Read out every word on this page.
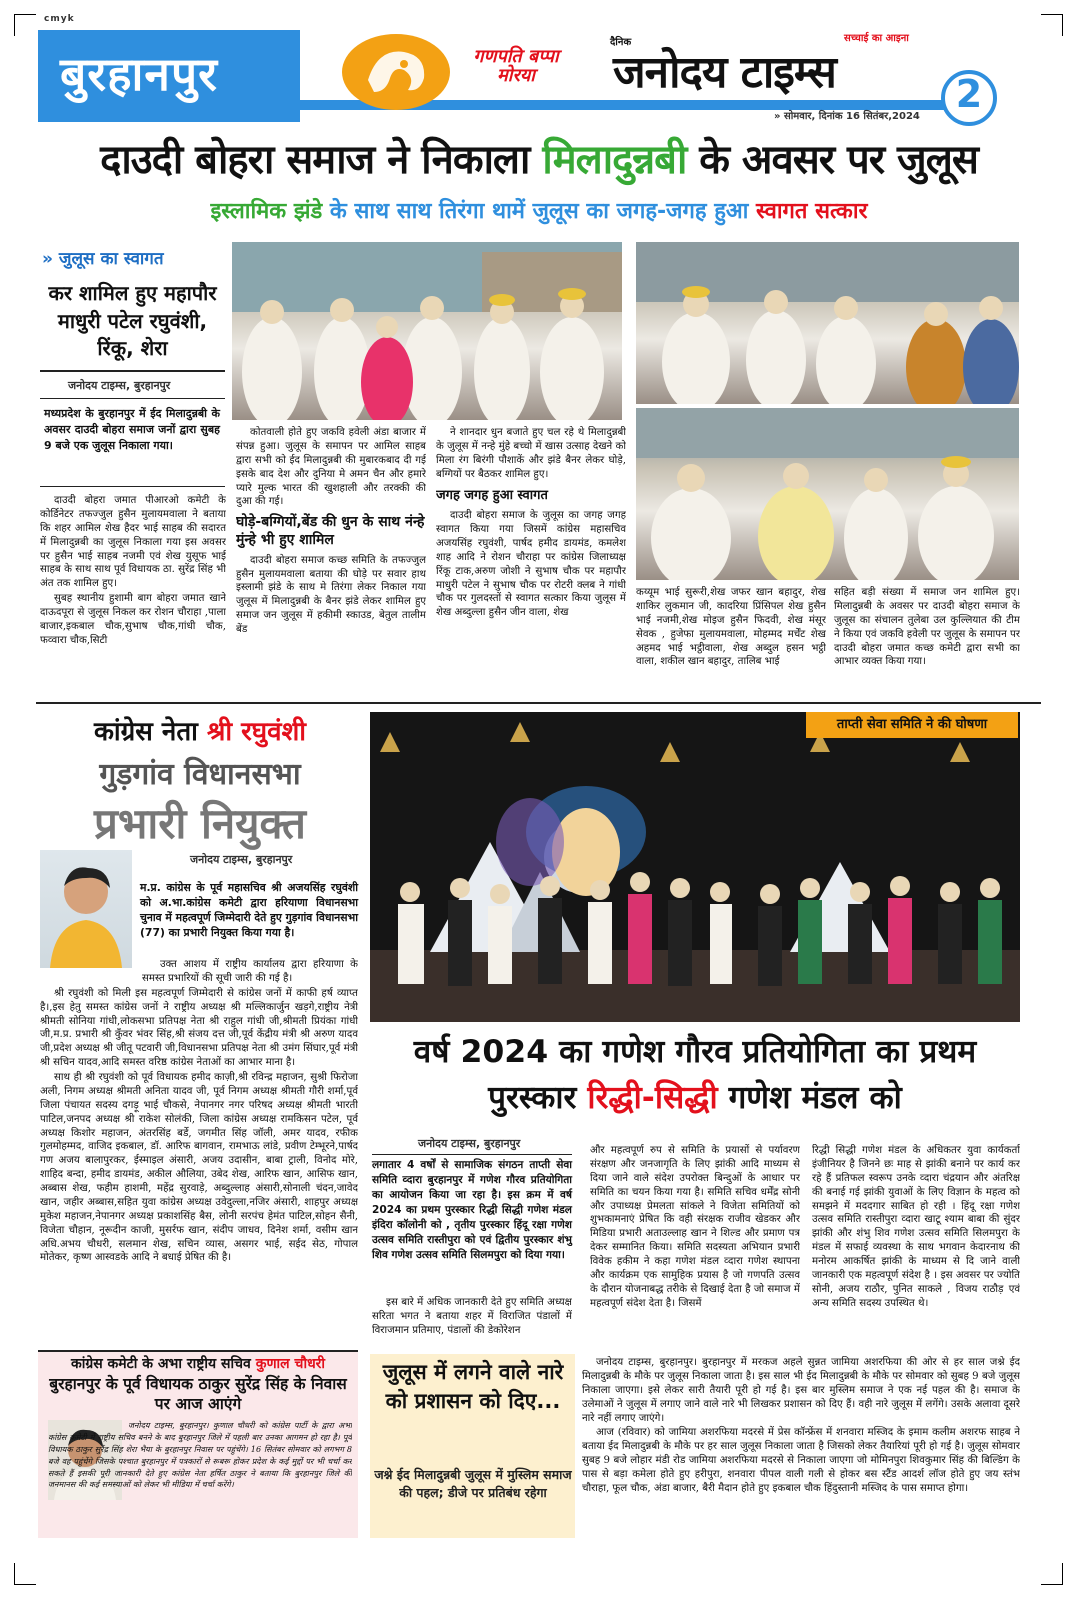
cmyk
बुरहानपुर	गणपति बप्पा मोरया
दैनिक
जनोदय टाइम्स
सच्चाई का आइना
» सोमवार, दिनांक 16 सितंबर,2024
2
दाउदी बोहरा समाज ने निकाला मिलादुन्नबी के अवसर पर जुलूस
इस्लामिक झंडे के साथ साथ तिरंगा थामें जुलूस का जगह-जगह हुआ स्वागत सत्कार
» जुलूस का स्वागत
कर शामिल हुए महापौर माधुरी पटेल रघुवंशी, रिंकू, शेरा
जनोदय टाइम्स, बुरहानपुर
मध्यप्रदेश के बुरहानपुर में ईद मिलादुन्नबी के अवसर दाउदी बोहरा समाज जनों द्वारा सुबह 9 बजे एक जुलूस निकाला गया।

दाउदी बोहरा जमात पीआरओ कमेटी के कोर्डिनेटर तफज्जुल हुसैन मुलायमवाला ने बताया कि शहर आमिल शेख हैदर भाई साहब की सदारत में मिलादुन्नबी का जुलूस निकाला गया इस अवसर पर हुसैन भाई साहब नजमी एवं शेख युसूफ भाई साहब के साथ साथ पूर्व विधायक ठा. सुरेंद्र सिंह भी अंत तक शामिल हुए।

सुबह स्थानीय हुशामी बाग बोहरा जमात खाने दाऊदपूरा से जुलूस निकल कर रोशन चौराहा ,पाला बाजार,इकबाल चौक,सुभाष चौक,गांधी चौक, फव्वारा चौक,सिटी

कोतवाली होते हुए जकवि हवेली अंडा बाजार में संपन्न हुआ। जुलूस के समापन पर आमिल साहब द्वारा सभी को ईद मिलादुन्नबी की मुबारकबाद दी गई इसके बाद देश और दुनिया मे अमन चैन और हमारे प्यारे मुल्क भारत की खुशहाली और तरक्की की दुआ की गई।

घोड़े-बग्गियों,बेंड की धुन के साथ नंन्हे मुंन्हे भी हुए शामिल

दाउदी बोहरा समाज कच्छ समिति के तफज्जुल हुसैन मुलायमवाला बताया की घोड़े पर सवार हाथ इस्लामी झंडे के साथ मे तिरंगा लेकर निकाल गया जुलूस में मिलादुन्नबी के बैनर झंडे लेकर शामिल हुए समाज जन जुलूस में हकीमी स्काउड, बेतुल तालीम बेंड

ने शानदार धुन बजाते हुए चल रहे थे मिलादुन्नबी के जुलूस में नन्हे मुंहे बच्चो में खास उत्साह देखने को मिला रंग बिरंगी पौशाकें और झंडे बैनर लेकर घोड़े, बग्गियों पर बैठकर शामिल हुए।

जगह जगह हुआ स्वागत

दाउदी बोहरा समाज के जुलूस का जगह जगह स्वागत किया गया जिसमें कांग्रेस महासचिव अजयसिंह रघुवंशी, पार्षद हमीद डायमंड, कमलेश शाह आदि ने रोशन चौराहा पर कांग्रेस जिलाध्यक्ष रिंकू टाक,अरुण जोशी ने सुभाष चौक पर महापौर माधुरी पटेल ने सुभाष चौक पर रोटरी क्लब ने गांधी चौक पर गुलदस्तों से स्वागत सत्कार किया जुलूस में शेख अब्दुल्ला हुसैन जीन वाला, शेख

कय्यूम भाई सुरूरी,शेख जफर खान बहादुर, शेख शाकिर लुकमान जी, कादरिया प्रिंसिपल शेख हुसैन भाई नजमी,शेख मोइज हुसैन फिदवी, शेख मंसूर सेवक , हुजेफा मुलायमवाला, मोहम्मद मर्चेंट शेख अहमद भाई भट्ठीवाला, शेख अब्दुल हसन भट्ठी वाला, शकील खान बहादुर, तालिब भाई

सहित बड़ी संख्या में समाज जन शामिल हुए। मिलादुन्नबी के अवसर पर दाउदी बोहरा समाज के जुलूस का संचालन तुलेबा उल कुल्लियात की टीम ने किया एवं जकवि हवेली पर जुलूस के समापन पर दाउदी बोहरा जमात कच्छ कमेटी द्वारा सभी का आभार व्यक्त किया गया।

कांग्रेस नेता श्री रघुवंशी
गुड़गांव विधानसभा
प्रभारी नियुक्त
जनोदय टाइम्स, बुरहानपुर
म.प्र. कांग्रेस के पूर्व महासचिव श्री अजयसिंह रघुवंशी को अ.भा.कांग्रेस कमेटी द्वारा हरियाणा विधानसभा चुनाव में महत्वपूर्ण जिम्मेदारी देते हुए गुड़गांव विधानसभा (77) का प्रभारी नियुक्त किया गया है।

उक्त आशय में राष्ट्रीय कार्यालय द्वारा हरियाणा के समस्त प्रभारियों की सूची जारी की गई है।

श्री रघुवंशी को मिली इस महत्वपूर्ण जिम्मेदारी से कांग्रेस जनों में काफी हर्ष व्याप्त है।,इस हेतु समस्त कांग्रेस जनों ने राष्ट्रीय अध्यक्ष श्री मल्लिकार्जुन खड़गे,राष्ट्रीय नेत्री श्रीमती सोनिया गांधी,लोकसभा प्रतिपक्ष नेता श्री राहुल गांधी जी,श्रीमती प्रियंका गांधी जी,म.प्र. प्रभारी श्री कुँवर भंवर सिंह,श्री संजय दत्त जी,पूर्व केंद्रीय मंत्री श्री अरुण यादव जी,प्रदेश अध्यक्ष श्री जीतू पटवारी जी,विधानसभा प्रतिपक्ष नेता श्री उमंग सिंघार,पूर्व मंत्री श्री सचिन यादव,आदि समस्त वरिष्ठ कांग्रेस नेताओं का आभार माना है।

साथ ही श्री रघुवंशी को पूर्व विधायक हमीद काज़ी,श्री रविन्द्र महाजन, सुश्री फिरोजा अली, निगम अध्यक्ष श्रीमती अनिता यादव जी, पूर्व निगम अध्यक्ष श्रीमती गौरी शर्मा,पूर्व जिला पंचायत सदस्य दगड़ू भाई चौकसे, नेपानगर नगर परिषद अध्यक्ष श्रीमती भारती पाटिल,जनपद अध्यक्ष श्री राकेश सोलंकी, जिला कांग्रेस अध्यक्ष रामकिसन पटेल, पूर्व अध्यक्ष किशोर महाजन, अंतरसिंह बर्डे, जगमीत सिंह जॉली, अमर यादव, रफीक गुलमोहम्मद, वाजिद इकबाल, डॉ. आरिफ बागवान, रामभाऊ लांडे, प्रवीण टेम्भूरने,पार्षद गण अजय बालापुरकर, ईस्माइल अंसारी, अजय उदासीन, बाबा ट्राली, विनोद मोरे, शाहिद बन्दा, हमीद डायमंड, अकील औलिया, उबेद शेख, आरिफ खान, आसिफ खान, अब्बास शेख, फहीम हाशमी, महेंद्र सुरवाड़े, अब्दुल्लाह अंसारी,सोनाली चंदन,जावेद खान, जहीर अब्बास,सहित युवा कांग्रेस अध्यक्ष उवेदुल्ला,नजिर अंसारी, शाहपुर अध्यक्ष मुकेश महाजन,नेपानगर अध्यक्ष प्रकाशसिंह बैस, लोनी सरपंच हेमंत पाटिल,सोहन सैनी, विजेता चौहान, नूरूदीन काजी, मुसर्रफ खान, संदीप जाधव, दिनेश शर्मा, वसीम खान अधि.अभय चौधरी, सलमान शेख, सचिन व्यास, असगर भाई, सईद सेठ, गोपाल मोतेकर, कृष्ण आस्वडके आदि ने बधाई प्रेषित की है।

कांग्रेस कमेटी के अभा राष्ट्रीय सचिव कुणाल चौधरी
बुरहानपुर के पूर्व विधायक ठाकुर सुरेंद्र सिंह के निवास पर आज आएंगे
जनोदय टाइम्स, बुरहानपुर। कुणाल चौधरी को कांग्रेस पार्टी के द्वारा अभा कांग्रेस कमेटी में राष्ट्रीय सचिव बनने के बाद बुरहानपुर जिले में पहली बार उनका आगमन हो रहा है। पूर्व विधायक ठाकुर सुरेंद्र सिंह शेरा भैया के बुरहानपुर निवास पर पहुंचेंगे। 16 सितंबर सोमवार को लगभग 8 बजे वह पहुंचेंगे जिसके पश्चात बुरहानपुर में पत्रकारों से रूबरू होकर प्रदेश के कई मुद्दों पर भी चर्चा कर सकते हैं इसकी पूरी जानकारी देते हुए कांग्रेस नेता हर्षित ठाकुर ने बताया कि बुरहानपुर जिले की जनमानस की कई समस्याओं को लेकर भी मीडिया में चर्चा करेंगे।
ताप्ती सेवा समिति ने की घोषणा
वर्ष 2024 का गणेश गौरव प्रतियोगिता का प्रथम पुरस्कार रिद्धी-सिद्धी गणेश मंडल को
जनोदय टाइम्स, बुरहानपुर
लगातार 4 वर्षों से सामाजिक संगठन ताप्ती सेवा समिति व्दारा बुरहानपुर में गणेश गौरव प्रतियोगिता का आयोजन किया जा रहा है। इस क्रम में वर्ष 2024 का प्रथम पुरस्कार रिद्धी सिद्धी गणेश मंडल इंदिरा कॉलोनी को , तृतीय पुरस्कार हिंदू रक्षा गणेश उत्सव समिति रास्तीपुरा को एवं द्वितीय पुरस्कार शंभु शिव गणेश उत्सव समिति सिलमपुरा को दिया गया।

इस बारे में अधिक जानकारी देते हुए समिति अध्यक्ष सरिता भगत ने बताया शहर में विराजित पंडालों में विराजमान प्रतिमाए, पंडालों की डेकोरेशन

और महत्वपूर्ण रुप से समिति के प्रयासों से पर्यावरण संरक्षण और जनजागृति के लिए झांकी आदि माध्यम से दिया जाने वाले संदेश उपरोक्त बिन्दुओं के आधार पर समिति का चयन किया गया है। समिति सचिव धर्मेंद्र सोनी और उपाध्यक्ष प्रेमलता सांकले ने विजेता समितियों को शुभकामनाएं प्रेषित कि वही संरक्षक राजीव खेडकर और मिडिया प्रभारी अताउल्लाह खान ने शिल्ड और प्रमाण पत्र देकर सम्मानित किया। समिति सदस्यता अभियान प्रभारी विवेक हकीम ने कहा गणेश मंडल व्दारा गणेश स्थापना और कार्यक्रम एक सामुहिक प्रयास है जो गणपति उत्सव के दौरान योजनाबद्ध तरीके से दिखाई देता है जो समाज में महत्वपूर्ण संदेश देता है। जिसमें

रिद्धी सिद्धी गणेश मंडल के अधिकतर युवा कार्यकर्ता इंजीनियर है जिनने छः माह से झांकी बनाने पर कार्य कर रहे हैं प्रतिफल स्वरूप उनके व्दारा चंद्रयान और अंतरिक्ष की बनाई गई झांकी युवाओं के लिए विज्ञान के महत्व को समझने में मददगार साबित हो रही । हिंदू रक्षा गणेश उत्सव समिति रास्तीपुरा व्दारा खाटू श्याम बाबा की सुंदर झांकी और शंभु शिव गणेश उत्सव समिति सिलमपुरा के मंडल में सफाई व्यवस्था के साथ भगवान केदारनाथ की मनोरम आकर्षित झांकी के माध्यम से दि जाने वाली जानकारी एक महत्वपूर्ण संदेश है । इस अवसर पर ज्योति सोनी, अजय राठौर, पुनित साकले , विजय राठौड़ एवं अन्य समिति सदस्य उपस्थित थे।

जुलूस में लगने वाले नारे को प्रशासन को दिए...
जश्ने ईद मिलादुन्नबी जुलूस में मुस्लिम समाज की पहल; डीजे पर प्रतिबंध रहेगा

जनोदय टाइम्स, बुरहानपुर। बुरहानपुर में मरकज अहले सुन्नत जामिया अशरफिया की ओर से हर साल जश्ने ईद मिलादुन्नबी के मौके पर जुलूस निकाला जाता है। इस साल भी ईद मिलादुन्नबी के मौके पर सोमवार को सुबह 9 बजे जुलूस निकाला जाएगा। इसे लेकर सारी तैयारी पूरी हो गई है। इस बार मुस्लिम समाज ने एक नई पहल की है। समाज के उलेमाओं ने जुलूस में लगाए जाने वाले नारे भी लिखकर प्रशासन को दिए हैं। वही नारे जुलूस में लगेंगे। उसके अलावा दूसरे नारे नहीं लगाए जाएंगे।

आज (रविवार) को जामिया अशरफिया मदरसे में प्रेस कॉन्फ्रेंस में शनवारा मस्जिद के इमाम कलीम अशरफ साहब ने बताया ईद मिलादुन्नबी के मौके पर हर साल जुलूस निकाला जाता है जिसको लेकर तैयारियां पूरी हो गई है। जुलूस सोमवार सुबह 9 बजे लोहार मंडी रोड जामिया अशरफिया मदरसे से निकाला जाएगा जो मोमिनपुरा शिवकुमार सिंह की बिल्डिंग के पास से बड़ा कमेला होते हुए हरीपुरा, शनवारा पीपल वाली गली से होकर बस स्टैंड आदर्श लॉज होते हुए जय स्तंभ चौराहा, फूल चौक, अंडा बाजार, बैरी मैदान होते हुए इकबाल चौक हिंदुस्तानी मस्जिद के पास समाप्त होगा।
